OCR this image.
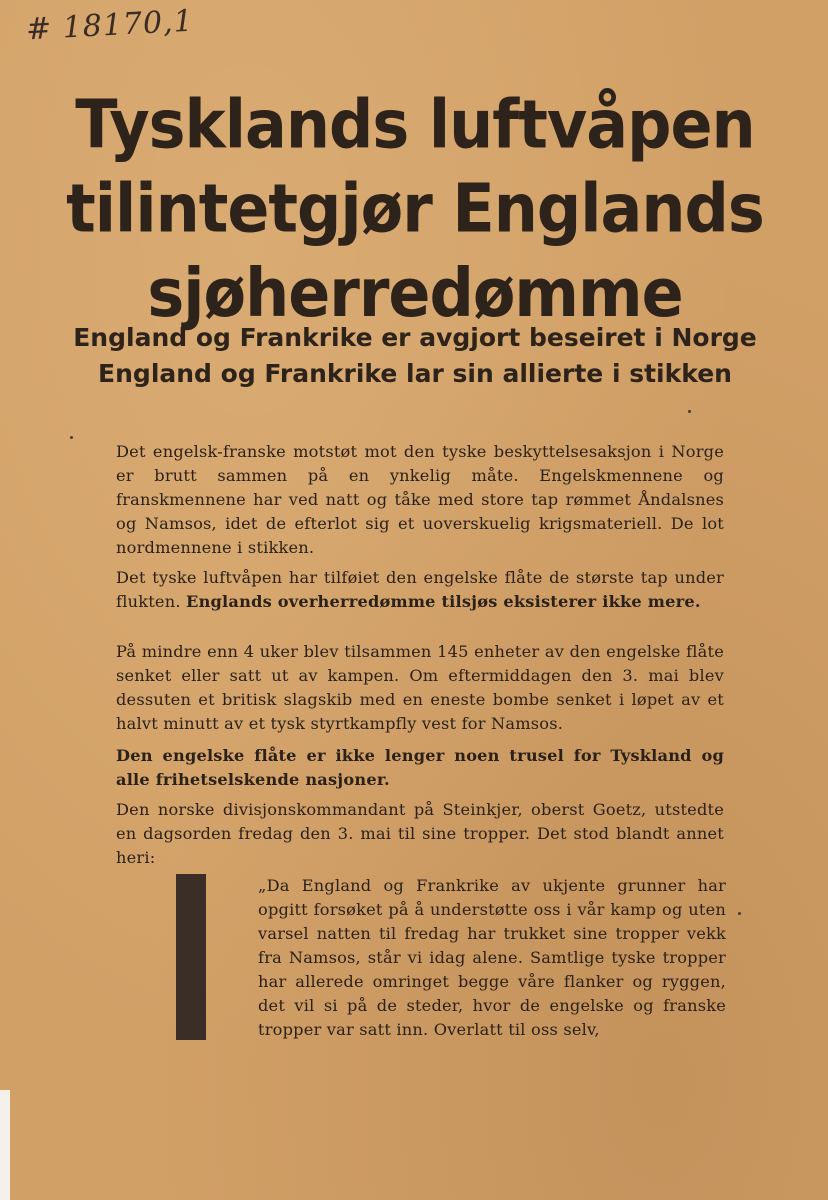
# 18170,1
Tysklands luftvåpen
tilintetgjør Englands
sjøherredømme
England og Frankrike er avgjort beseiret i Norge
England og Frankrike lar sin allierte i stikken
Det engelsk-franske motstøt mot den tyske beskyttelsesaksjon i Norge er brutt sammen på en ynkelig måte. Engelskmennene og franskmennene har ved natt og tåke med store tap rømmet Åndalsnes og Namsos, idet de efterlot sig et uoverskuelig krigsmateriell. De lot nordmennene i stikken.
Det tyske luftvåpen har tilføiet den engelske flåte de største tap under flukten. Englands overherredømme tilsjøs eksisterer ikke mere.
På mindre enn 4 uker blev tilsammen 145 enheter av den engelske flåte senket eller satt ut av kampen. Om eftermiddagen den 3. mai blev dessuten et britisk slagskib med en eneste bombe senket i løpet av et halvt minutt av et tysk styrtkampfly vest for Namsos.
Den engelske flåte er ikke lenger noen trusel for Tyskland og alle frihetselskende nasjoner.
Den norske divisjonskommandant på Steinkjer, oberst Goetz, utstedte en dagsorden fredag den 3. mai til sine tropper. Det stod blandt annet heri:
„Da England og Frankrike av ukjente grunner har opgitt forsøket på å understøtte oss i vår kamp og uten varsel natten til fredag har trukket sine tropper vekk fra Namsos, står vi idag alene. Samtlige tyske tropper har allerede omringet begge våre flanker og ryggen, det vil si på de steder, hvor de engelske og franske tropper var satt inn. Overlatt til oss selv,
